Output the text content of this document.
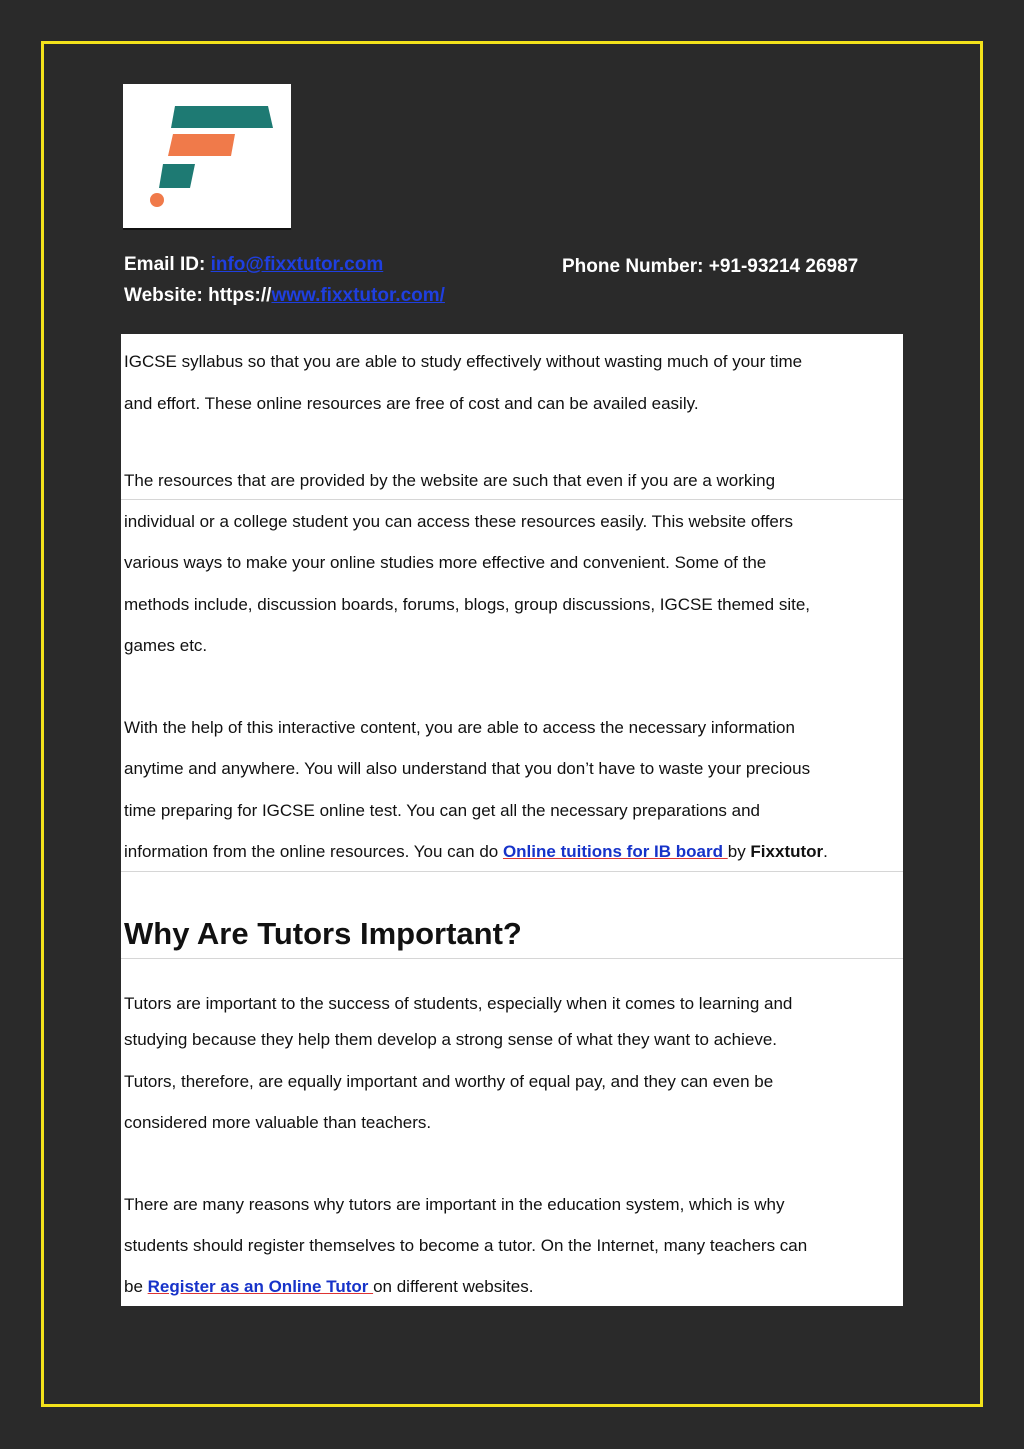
Email ID: info@fixxtutor.com
Website: https://www.fixxtutor.com/
Phone Number: +91-93214 26987

IGCSE syllabus so that you are able to study effectively without wasting much of your time

and effort. These online resources are free of cost and can be availed easily.

The resources that are provided by the website are such that even if you are a working

individual or a college student you can access these resources easily. This website offers

various ways to make your online studies more effective and convenient. Some of the

methods include, discussion boards, forums, blogs, group discussions, IGCSE themed site,

games etc.

With the help of this interactive content, you are able to access the necessary information

anytime and anywhere. You will also understand that you don’t have to waste your precious

time preparing for IGCSE online test. You can get all the necessary preparations and

information from the online resources. You can do Online tuitions for IB board by Fixxtutor.

Why Are Tutors Important?

Tutors are important to the success of students, especially when it comes to learning and

studying because they help them develop a strong sense of what they want to achieve.

Tutors, therefore, are equally important and worthy of equal pay, and they can even be

considered more valuable than teachers.

There are many reasons why tutors are important in the education system, which is why

students should register themselves to become a tutor. On the Internet, many teachers can

be Register as an Online Tutor on different websites.
